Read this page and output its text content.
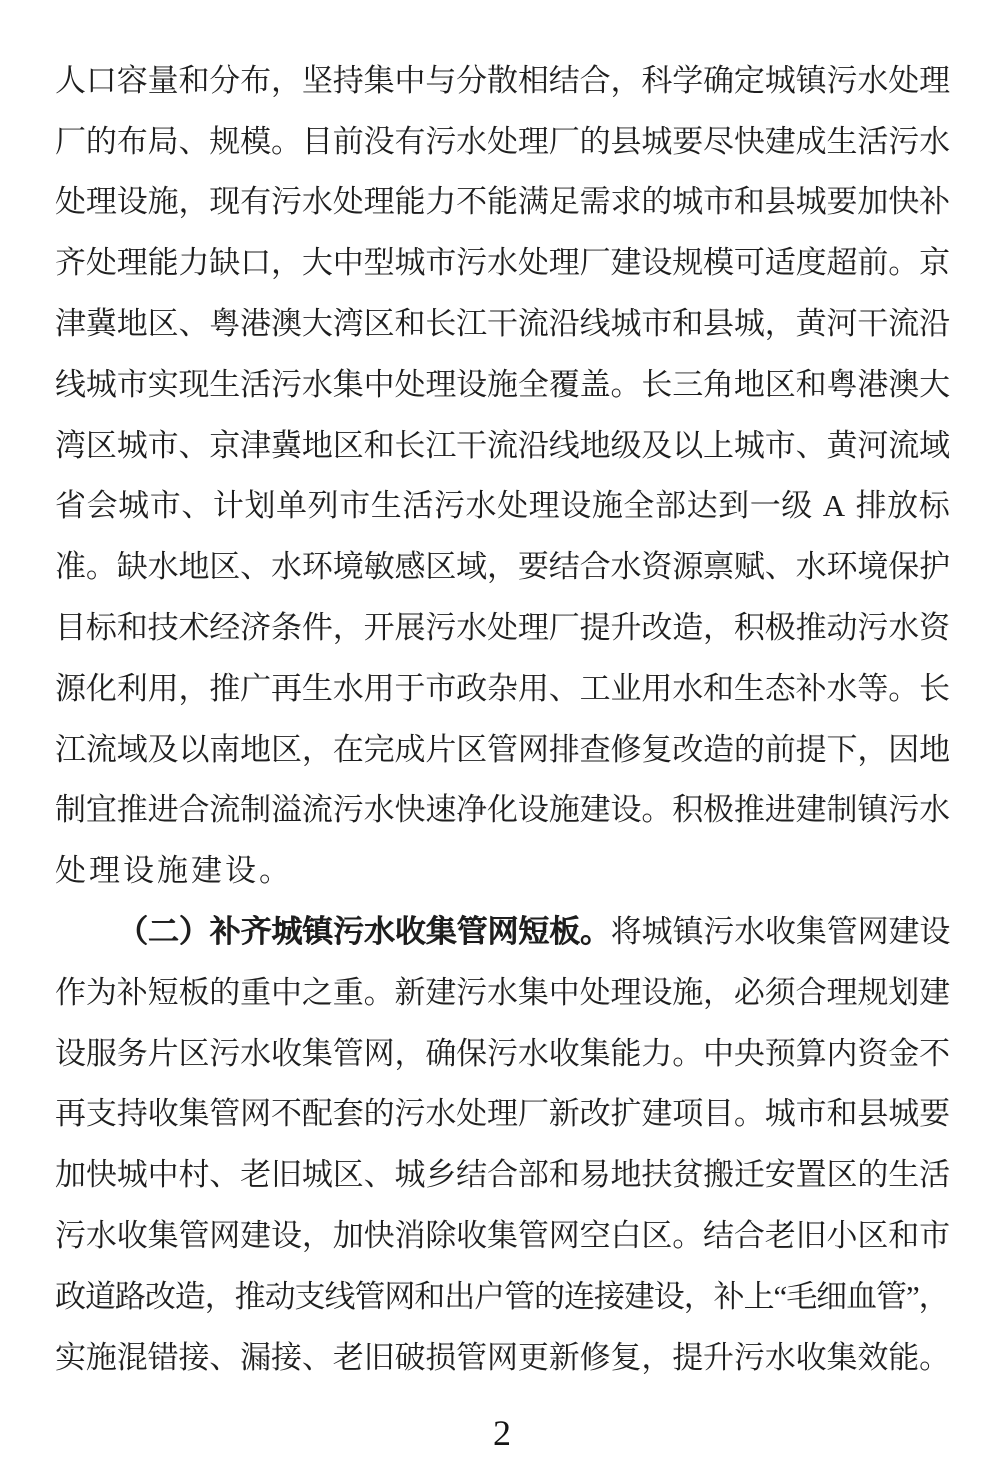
人 口 容 量 和 分 布 ， 坚 持 集 中 与 分 散 相 结 合 ， 科 学 确 定 城 镇 污 水 处 理
厂 的 布 局 、 规 模 。 目 前 没 有 污 水 处 理 厂 的 县 城 要 尽 快 建 成 生 活 污 水
处 理 设 施 ， 现 有 污 水 处 理 能 力 不 能 满 足 需 求 的 城 市 和 县 城 要 加 快 补
齐 处 理 能 力 缺 口 ， 大 中 型 城 市 污 水 处 理 厂 建 设 规 模 可 适 度 超 前 。 京
津 冀 地 区 、 粤 港 澳 大 湾 区 和 长 江 干 流 沿 线 城 市 和 县 城 ， 黄 河 干 流 沿
线 城 市 实 现 生 活 污 水 集 中 处 理 设 施 全 覆 盖 。 长 三 角 地 区 和 粤 港 澳 大
湾 区 城 市 、 京 津 冀 地 区 和 长 江 干 流 沿 线 地 级 及 以 上 城 市 、 黄 河 流 域
省 会 城 市 、 计 划 单 列 市 生 活 污 水 处 理 设 施 全 部 达 到 一 级
A
排 放 标
准 。 缺 水 地 区 、 水 环 境 敏 感 区 域 ， 要 结 合 水 资 源 禀 赋 、 水 环 境 保 护
目 标 和 技 术 经 济 条 件 ， 开 展 污 水 处 理 厂 提 升 改 造 ， 积 极 推 动 污 水 资
源 化 利 用 ， 推 广 再 生 水 用 于 市 政 杂 用 、 工 业 用 水 和 生 态 补 水 等 。 长
江 流 域 及 以 南 地 区 ， 在 完 成 片 区 管 网 排 查 修 复 改 造 的 前 提 下 ， 因 地
制 宜 推 进 合 流 制 溢 流 污 水 快 速 净 化 设 施 建 设 。 积 极 推 进 建 制 镇 污 水
处 理 设 施 建 设 。
（ 二 ） 补 齐 城 镇 污 水 收 集 管 网 短 板 。 将 城 镇 污 水 收 集 管 网 建 设
作 为 补 短 板 的 重 中 之 重 。 新 建 污 水 集 中 处 理 设 施 ， 必 须 合 理 规 划 建
设 服 务 片 区 污 水 收 集 管 网 ， 确 保 污 水 收 集 能 力 。 中 央 预 算 内 资 金 不
再 支 持 收 集 管 网 不 配 套 的 污 水 处 理 厂 新 改 扩 建 项 目 。 城 市 和 县 城 要
加 快 城 中 村 、 老 旧 城 区 、 城 乡 结 合 部 和 易 地 扶 贫 搬 迁 安 置 区 的 生 活
污 水 收 集 管 网 建 设 ， 加 快 消 除 收 集 管 网 空 白 区 。 结 合 老 旧 小 区 和 市
政
道
路
改
造
，
推
动
支
线
管
网
和
出
户
管
的
连
接
建
设
，
补
上
“
毛
细
血
管
”
，
实 施 混 错 接 、 漏 接 、 老 旧 破 损 管 网 更 新 修 复 ， 提 升 污 水 收 集 效 能 。
2
